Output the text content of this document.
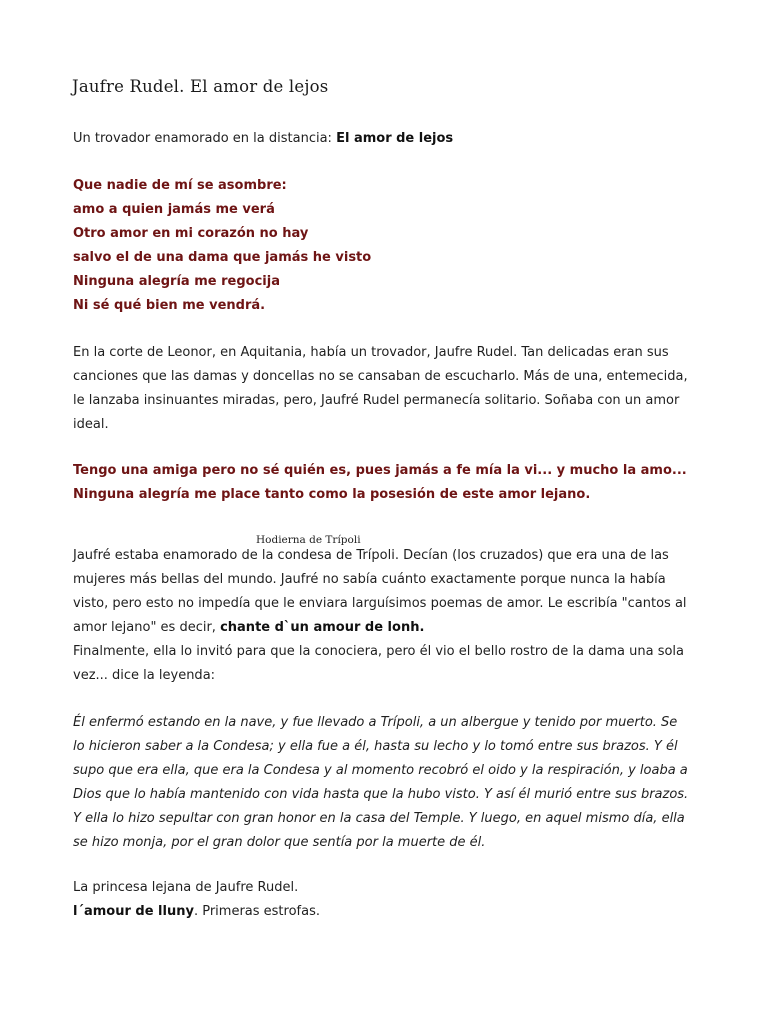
Jaufre Rudel. El amor de lejos
Un trovador enamorado en la distancia: El amor de lejos
Que nadie de mí se asombre:
amo a quien jamás me verá
Otro amor en mi corazón no hay
salvo el de una dama que jamás he visto
Ninguna alegría me regocija
Ni sé qué bien me vendrá.
En la corte de Leonor, en Aquitania, había un trovador, Jaufre Rudel. Tan delicadas eran sus
canciones que las damas y doncellas no se cansaban de escucharlo. Más de una, entemecida,
le lanzaba insinuantes miradas, pero, Jaufré Rudel permanecía solitario. Soñaba con un amor
ideal.
Tengo una amiga pero no sé quién es, pues jamás a fe mía la vi... y mucho la amo...
Ninguna alegría me place tanto como la posesión de este amor lejano.
Hodierna de Trípoli
Jaufré estaba enamorado de la condesa de Trípoli. Decían (los cruzados) que era una de las
mujeres más bellas del mundo. Jaufré no sabía cuánto exactamente porque nunca la había
visto, pero esto no impedía que le enviara larguísimos poemas de amor. Le escribía "cantos al
amor lejano" es decir, chante d`un amour de lonh.
Finalmente, ella lo invitó para que la conociera, pero él vio el bello rostro de la dama una sola
vez... dice la leyenda:
Él enfermó estando en la nave, y fue llevado a Trípoli, a un albergue y tenido por muerto. Se
lo hicieron saber a la Condesa; y ella fue a él, hasta su lecho y lo tomó entre sus brazos. Y él
supo que era ella, que era la Condesa y al momento recobró el oido y la respiración, y loaba a
Dios que lo había mantenido con vida hasta que la hubo visto. Y así él murió entre sus brazos.
Y ella lo hizo sepultar con gran honor en la casa del Temple. Y luego, en aquel mismo día, ella
se hizo monja, por el gran dolor que sentía por la muerte de él.
La princesa lejana de Jaufre Rudel.
l´amour de lluny. Primeras estrofas.
